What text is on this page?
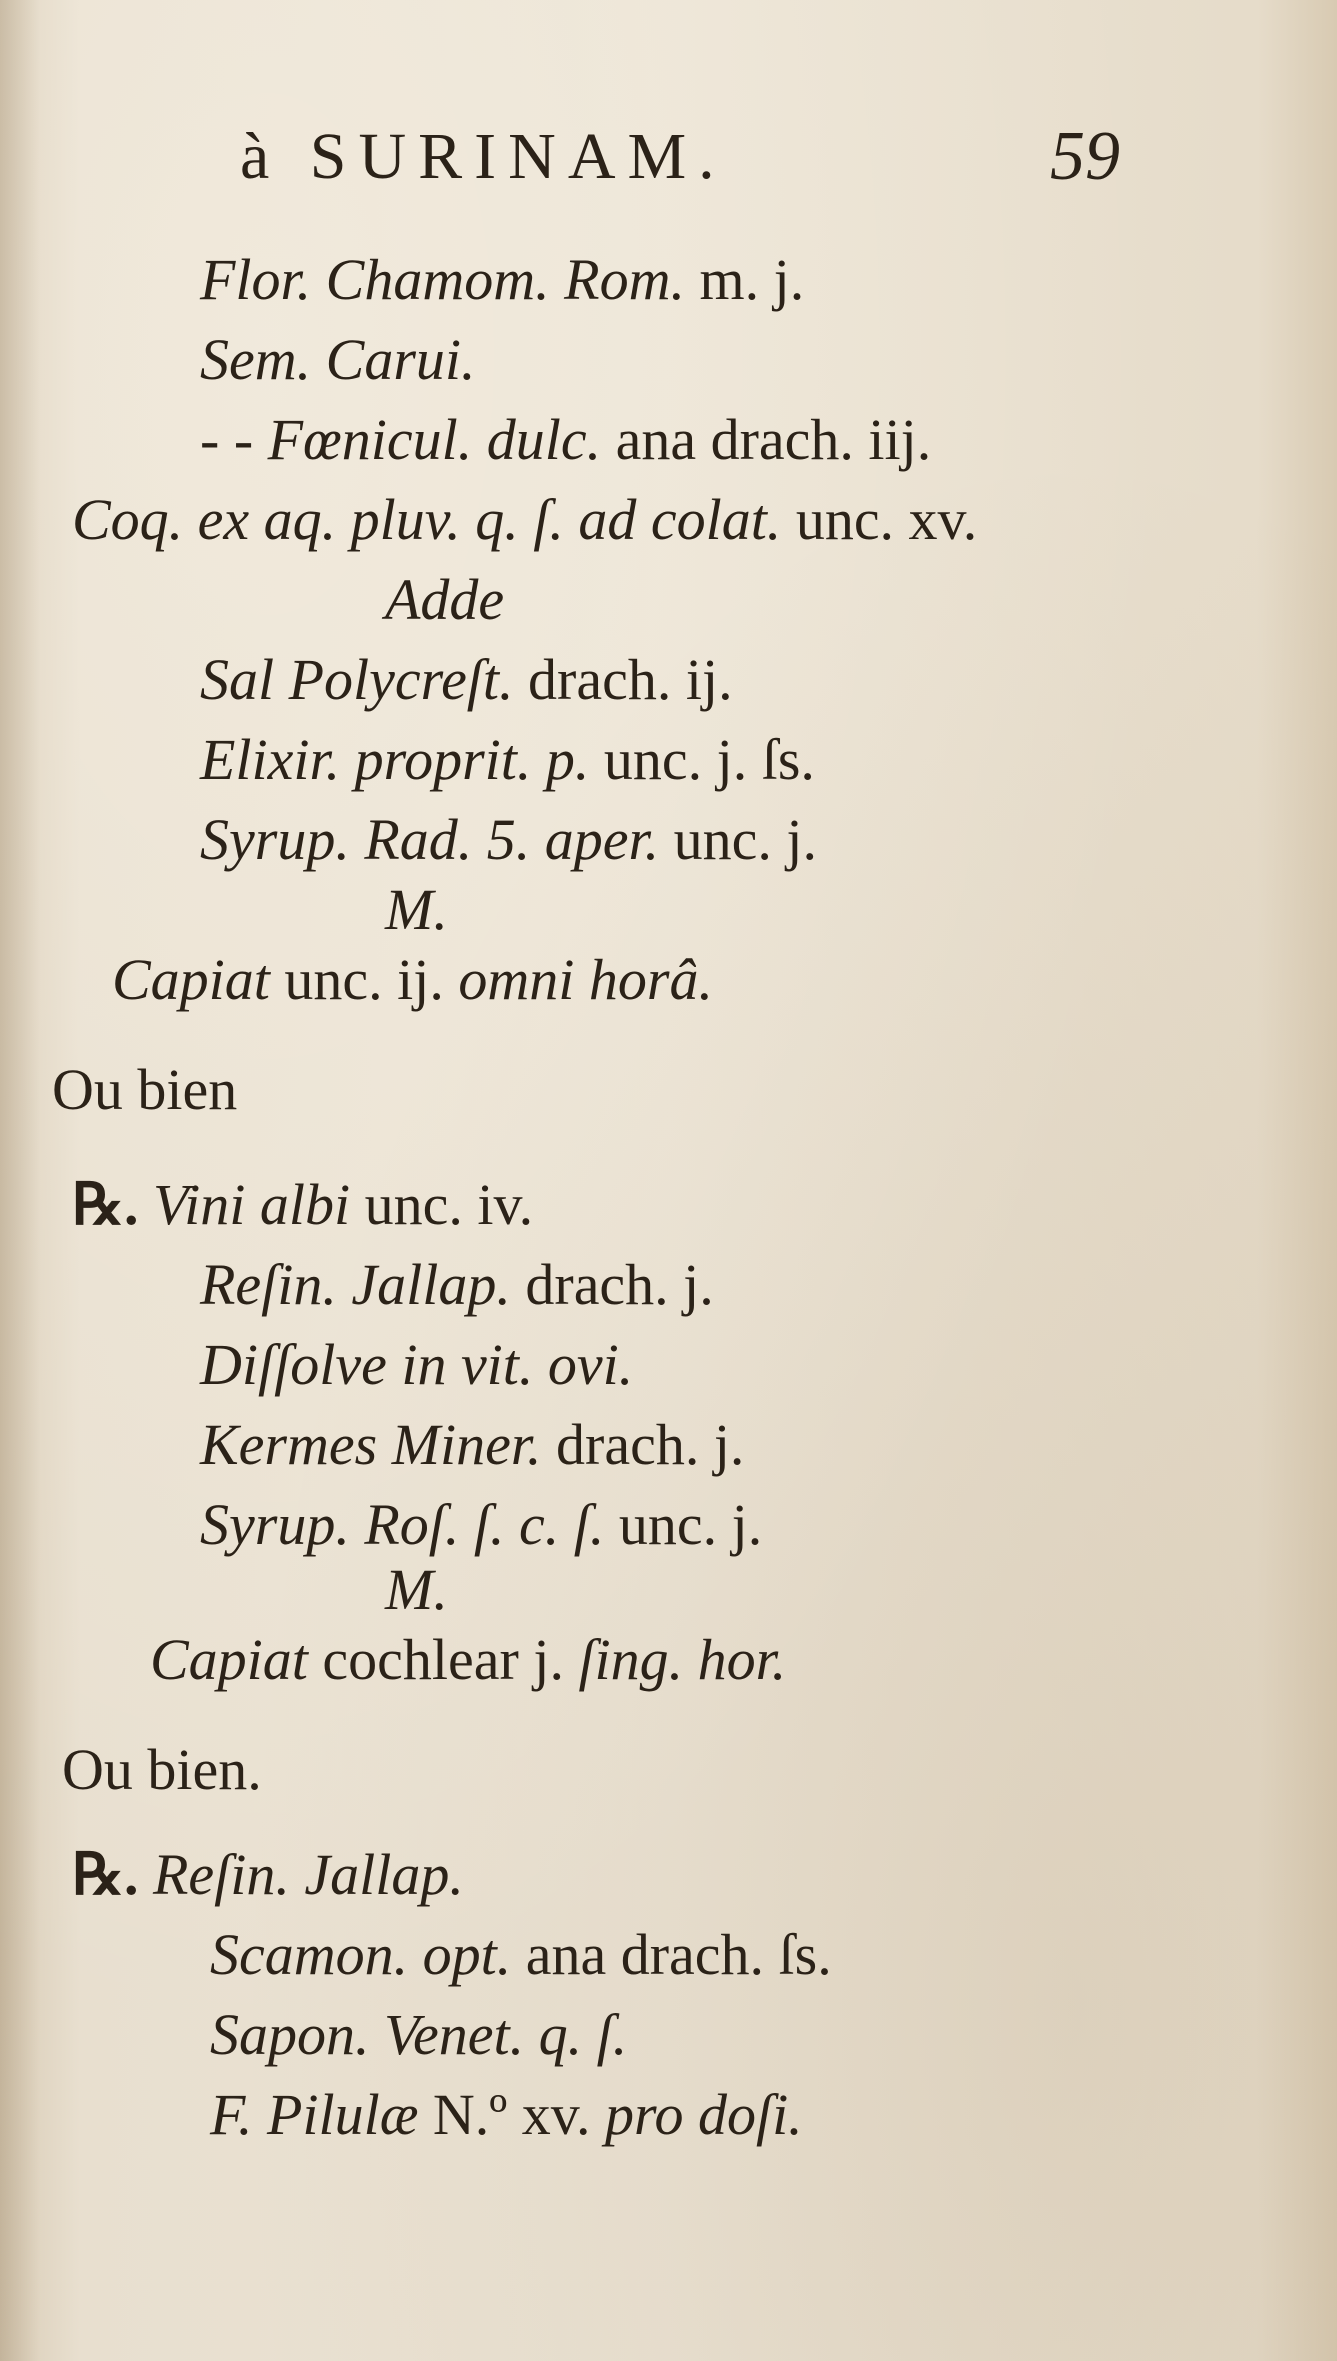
à SURINAM.	59
Flor. Chamom. Rom. m. j.
Sem. Carui.
- - Fœnicul. dulc. ana drach. iij.
Coq. ex aq. pluv. q. ſ. ad colat. unc. xv.
Adde
Sal Polycreſt. drach. ij.
Elixir. proprit. p. unc. j. ſs.
Syrup. Rad. 5. aper. unc. j.
M.
Capiat unc. ij. omni horâ.
Ou bien
℞. Vini albi unc. iv.
Reſin. Jallap. drach. j.
Diſſolve in vit. ovi.
Kermes Miner. drach. j.
Syrup. Roſ. ſ. c. ſ. unc. j.
M.
Capiat cochlear j. ſing. hor.
Ou bien.
℞. Reſin. Jallap.
Scamon. opt. ana drach. ſs.
Sapon. Venet. q. ſ.
F. Pilulæ N.º xv. pro doſi.
